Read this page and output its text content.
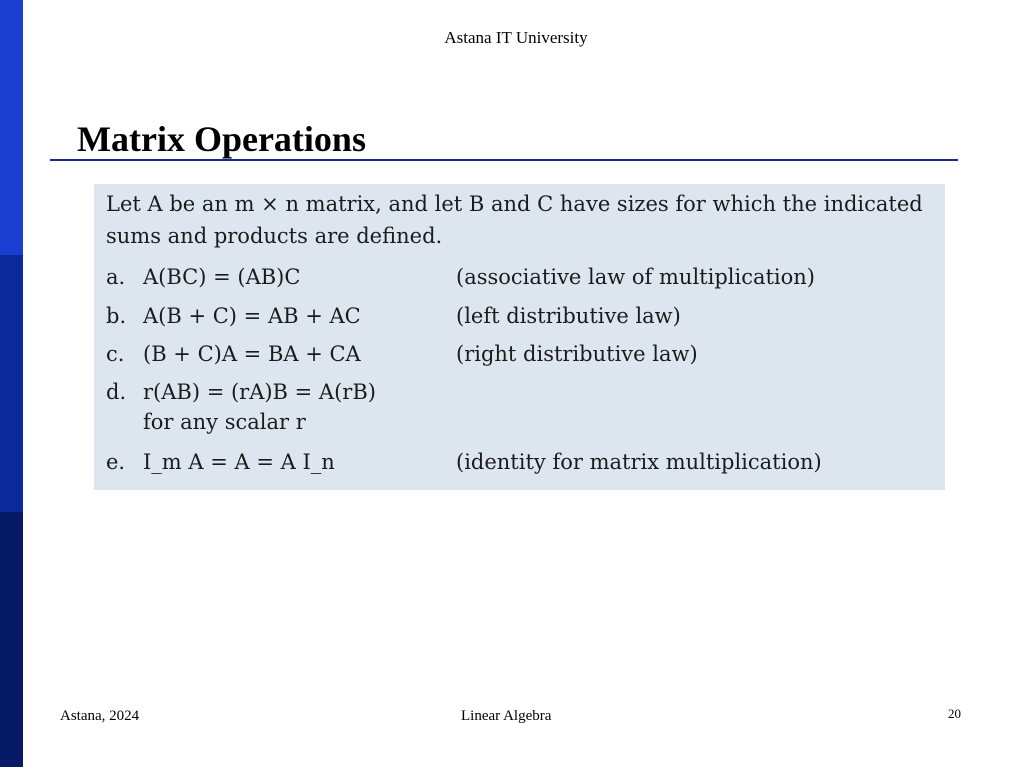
Astana IT University
Matrix Operations
Let A be an m × n matrix, and let B and C have sizes for which the indicated sums and products are defined.
a. A(BC) = (AB)C	(associative law of multiplication)
b. A(B + C) = AB + AC	(left distributive law)
c. (B + C)A = BA + CA	(right distributive law)
d. r(AB) = (rA)B = A(rB)
for any scalar r
e. I_m A = A = A I_n	(identity for matrix multiplication)
Astana, 2024	Linear Algebra	20
